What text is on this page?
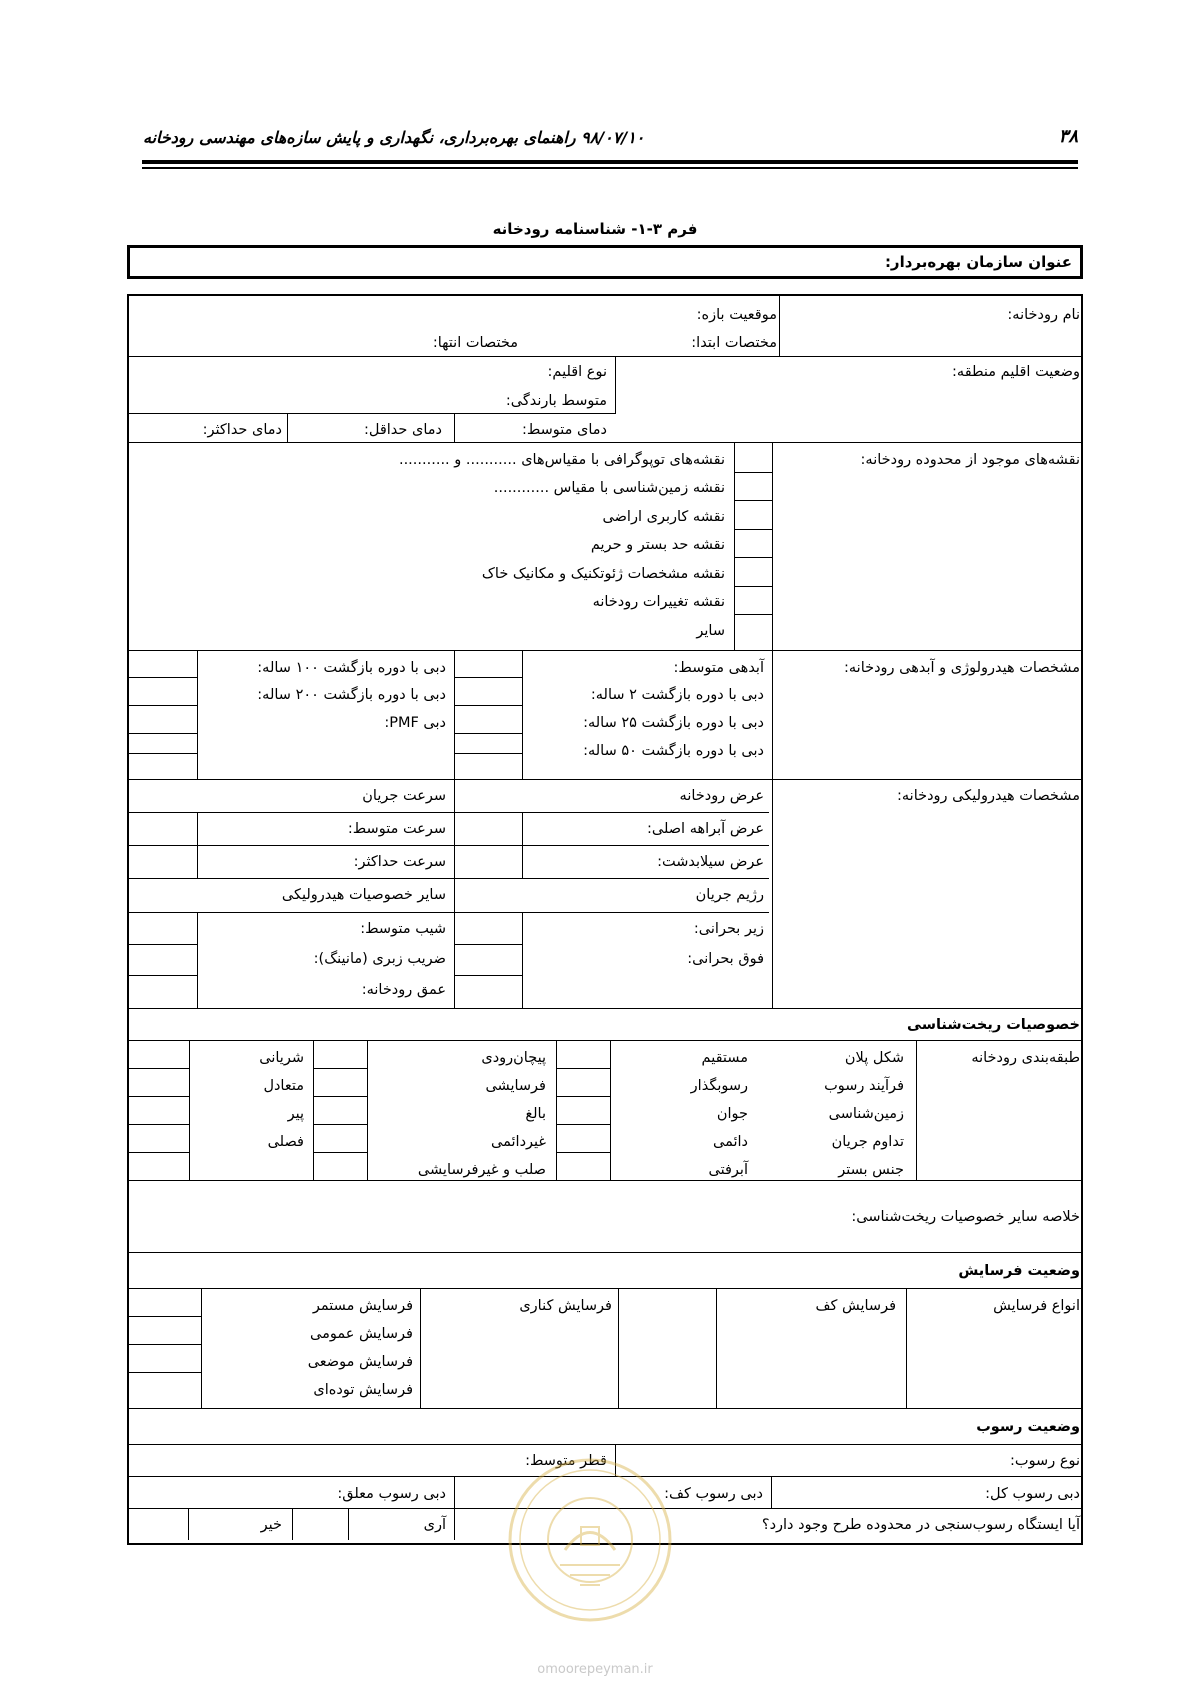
۹۸/۰۷/۱۰ راهنمای بهره‌برداری، نگهداری و پایش سازه‌های مهندسی رودخانه	۳۸
فرم ۳-۱- شناسنامه رودخانه
عنوان سازمان بهره‌بردار:
نام رودخانه:
موقعیت بازه:
مختصات ابتدا:
مختصات انتها:
وضعیت اقلیم منطقه:
نوع اقلیم:
متوسط بارندگی:
دمای متوسط:
دمای حداقل:
دمای حداکثر:
نقشه‌های موجود از محدوده رودخانه:
نقشه‌های توپوگرافی با مقیاس‌های ........... و ...........
نقشه زمین‌شناسی با مقیاس ............
نقشه کاربری اراضی
نقشه حد بستر و حریم
نقشه مشخصات ژئوتکنیک و مکانیک خاک
نقشه تغییرات رودخانه
سایر
مشخصات هیدرولوژی و آبدهی رودخانه:
آبدهی متوسط:
دبی با دوره بازگشت ۲ ساله:
دبی با دوره بازگشت ۲۵ ساله:
دبی با دوره بازگشت ۵۰ ساله:
دبی با دوره بازگشت ۱۰۰ ساله:
دبی با دوره بازگشت ۲۰۰ ساله:
دبی PMF:
مشخصات هیدرولیکی رودخانه:
عرض رودخانه
سرعت جریان
عرض آبراهه اصلی:
سرعت متوسط:
عرض سیلابدشت:
سرعت حداکثر:
رژیم جریان
سایر خصوصیات هیدرولیکی
زیر بحرانی:
فوق بحرانی:
شیب متوسط:
ضریب زبری (مانینگ):
عمق رودخانه:
خصوصیات ریخت‌شناسی
طبقه‌بندی رودخانه
شکل پلان
فرآیند رسوب
زمین‌شناسی
تداوم جریان
جنس بستر
مستقیم
رسوبگذار
جوان
دائمی
آبرفتی
پیچان‌رودی
فرسایشی
بالغ
غیردائمی
صلب و غیرفرسایشی
شریانی
متعادل
پیر
فصلی
خلاصه سایر خصوصیات ریخت‌شناسی:
وضعیت فرسایش
انواع فرسایش
فرسایش کف
فرسایش کناری
فرسایش مستمر
فرسایش عمومی
فرسایش موضعی
فرسایش توده‌ای
وضعیت رسوب
نوع رسوب:
قطر متوسط:
دبی رسوب کل:
دبی رسوب کف:
دبی رسوب معلق:
آیا ایستگاه رسوب‌سنجی در محدوده طرح وجود دارد؟
آری
خیر
omoorepeyman.ir
